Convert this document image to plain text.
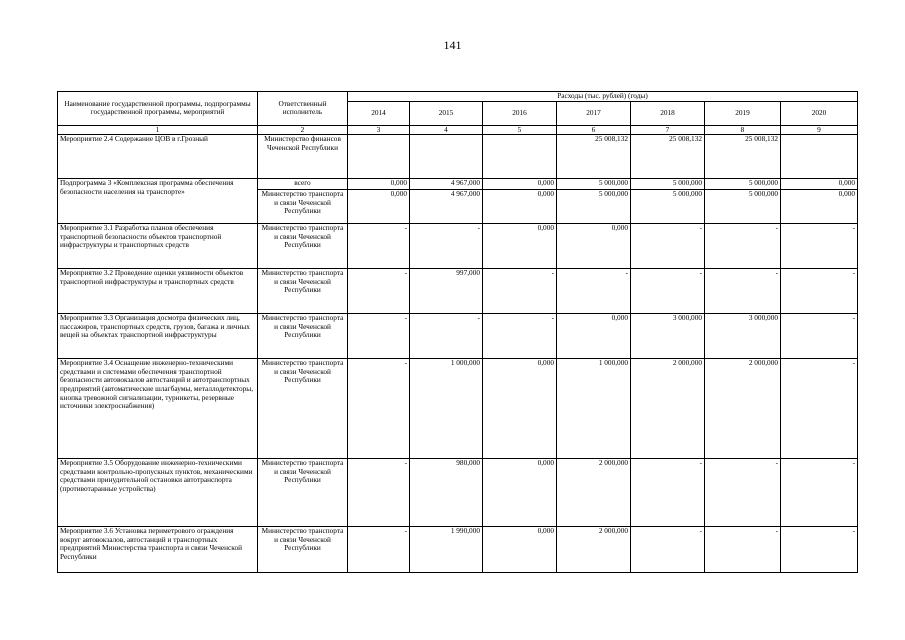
141
Наименование государственной программы, подпрограммы государственной программы, мероприятий	Ответственный исполнитель	Расходы (тыс. рублей) (годы)						
		2014	2015	2016	2017	2018	2019	2020
1	2	3	4	5	6	7	8	9
Мероприятие 2.4 Содержание ЦОВ в г.Грозный	Министерство финансов Чеченской Республики				25 008,132	25 008,132	25 008,132	
Подпрограмма 3 «Комплексная программа обеспечения безопасности населения на транспорте»	всего	0,000	4 967,000	0,000	5 000,000	5 000,000	5 000,000	0,000
	Министерство транспорта и связи Чеченской Республики	0,000	4 967,000	0,000	5 000,000	5 000,000	5 000,000	0,000
Мероприятие 3.1 Разработка планов обеспечения транспортной безопасности объектов транспортной инфраструктуры и транспортных средств	Министерство транспорта и связи Чеченской Республики	-	-	0,000	0,000	-	-	-
Мероприятие 3.2 Проведение оценки уязвимости объектов транспортной инфраструктуры и транспортных средств	Министерство транспорта и связи Чеченской Республики	-	997,000	-	-	-	-	-
Мероприятие 3.3 Организация досмотра физических лиц, пассажиров, транспортных средств, грузов, багажа и личных вещей на объектах транспортной инфраструктуры	Министерство транспорта и связи Чеченской Республики	-	-	-	0,000	3 000,000	3 000,000	-
Мероприятие 3.4 Оснащение инженерно-техническими средствами и системами обеспечения транспортной безопасности автовокзалов автостанций и автотранспортных предприятий (автоматические шлагбаумы, металлодетекторы, кнопка тревожной сигнализации, турникеты, резервные источники электроснабжения)	Министерство транспорта и связи Чеченской Республики	-	1 000,000	0,000	1 000,000	2 000,000	2 000,000	-
Мероприятие 3.5 Оборудование инженерно-техническими средствами контрольно-пропускных пунктов, механическими средствами принудительной остановки автотранспорта (противотаранные устройства)	Министерство транспорта и связи Чеченской Республики	-	980,000	0,000	2 000,000	-	-	-
Мероприятие 3.6 Установка периметрового ограждения вокруг автовокзалов, автостанций и транспортных предприятий Министерства транспорта и связи Чеченской Республики	Министерство транспорта и связи Чеченской Республики	-	1 990,000	0,000	2 000,000	-	-	-
